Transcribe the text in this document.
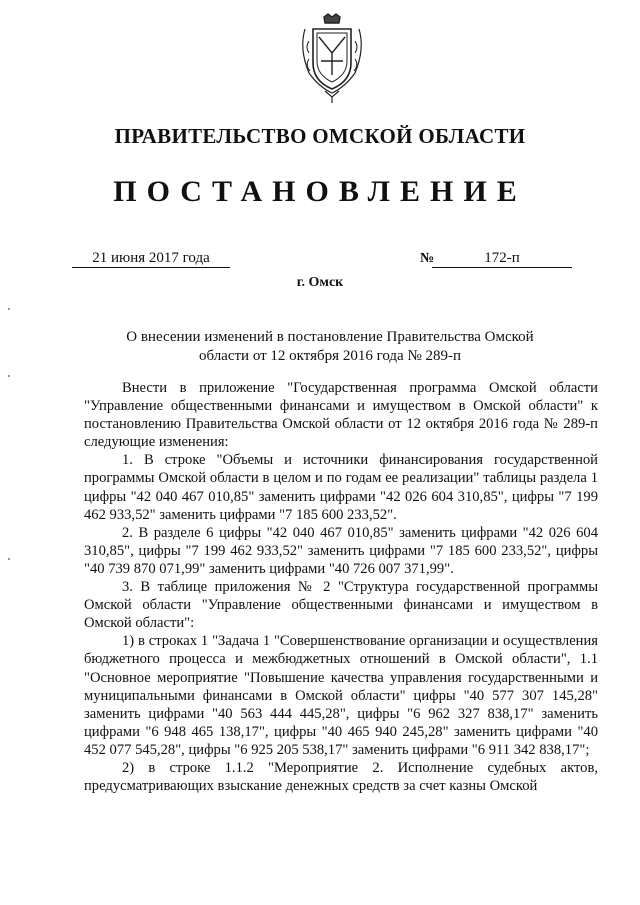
ПРАВИТЕЛЬСТВО ОМСКОЙ ОБЛАСТИ
ПОСТАНОВЛЕНИЕ
21 июня 2017 года	№	172-п
г. Омск
О внесении изменений в постановление Правительства Омской области от 12 октября 2016 года № 289-п

Внести в приложение "Государственная программа Омской области "Управление общественными финансами и имуществом в Омской области" к постановлению Правительства Омской области от 12 октября 2016 года № 289-п следующие изменения:

1. В строке "Объемы и источники финансирования государственной программы Омской области в целом и по годам ее реализации" таблицы раздела 1 цифры "42 040 467 010,85" заменить цифрами "42 026 604 310,85", цифры "7 199 462 933,52" заменить цифрами "7 185 600 233,52".

2. В разделе 6 цифры "42 040 467 010,85" заменить цифрами "42 026 604 310,85", цифры "7 199 462 933,52" заменить цифрами "7 185 600 233,52", цифры "40 739 870 071,99" заменить цифрами "40 726 007 371,99".

3. В таблице приложения № 2 "Структура государственной программы Омской области "Управление общественными финансами и имуществом в Омской области":

1) в строках 1 "Задача 1 "Совершенствование организации и осуществления бюджетного процесса и межбюджетных отношений в Омской области", 1.1 "Основное мероприятие "Повышение качества управления государственными и муниципальными финансами в Омской области" цифры "40 577 307 145,28" заменить цифрами "40 563 444 445,28", цифры "6 962 327 838,17" заменить цифрами "6 948 465 138,17", цифры "40 465 940 245,28" заменить цифрами "40 452 077 545,28", цифры "6 925 205 538,17" заменить цифрами "6 911 342 838,17";

2) в строке 1.1.2 "Мероприятие 2. Исполнение судебных актов, предусматривающих взыскание денежных средств за счет казны Омской
